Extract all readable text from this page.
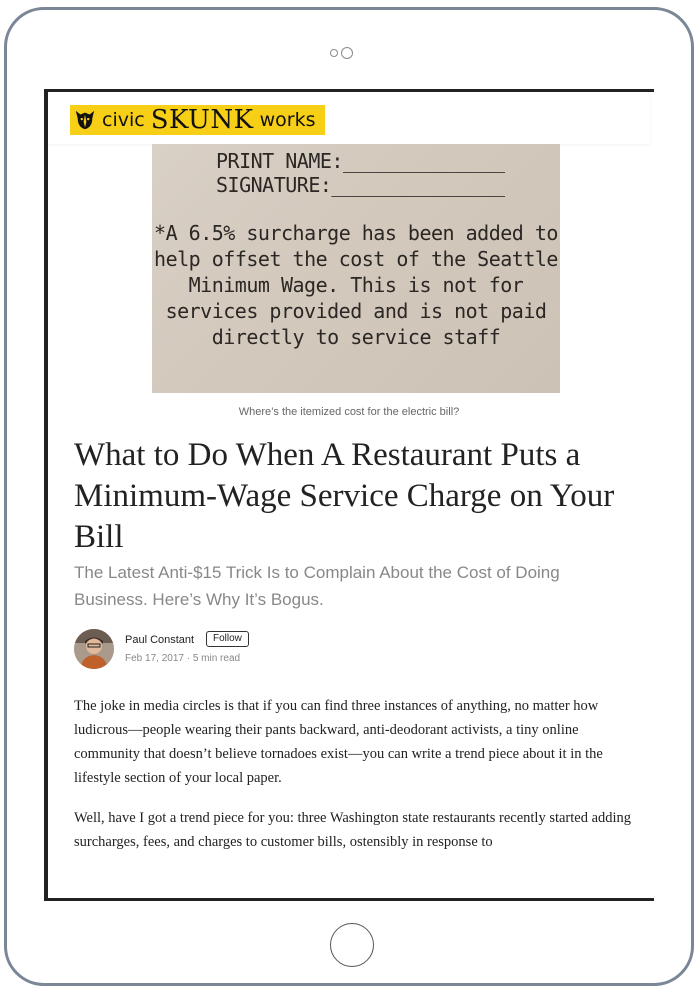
civic SKUNK works
PRINT NAME:______________
SIGNATURE:_______________
*A 6.5% surcharge has been added to
help offset the cost of the Seattle
Minimum Wage. This is not for
services provided and is not paid
directly to service staff
Where’s the itemized cost for the electric bill?
What to Do When A Restaurant Puts a Minimum-Wage Service Charge on Your Bill
The Latest Anti-$15 Trick Is to Complain About the Cost of Doing Business. Here’s Why It’s Bogus.
Paul Constant	Follow
Feb 17, 2017 · 5 min read

The joke in media circles is that if you can find three instances of anything, no matter how ludicrous—people wearing their pants backward, anti-deodorant activists, a tiny online community that doesn’t believe tornadoes exist—you can write a trend piece about it in the lifestyle section of your local paper.

Well, have I got a trend piece for you: three Washington state restaurants recently started adding surcharges, fees, and charges to customer bills, ostensibly in response to
